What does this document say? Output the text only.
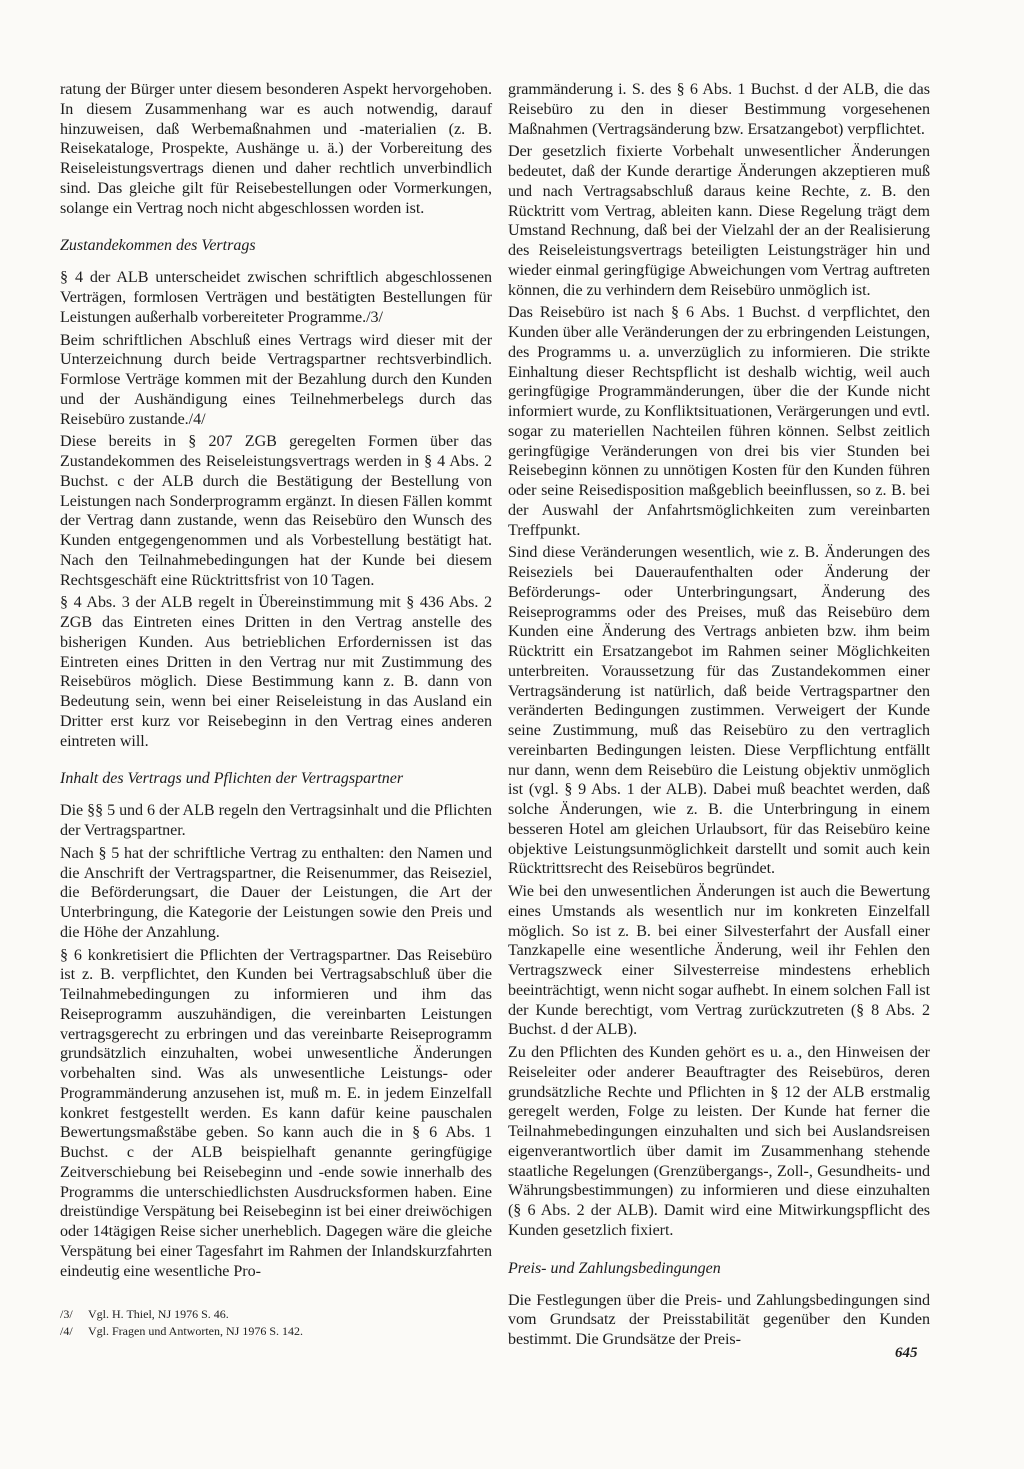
ratung der Bürger unter diesem besonderen Aspekt hervorgehoben. In diesem Zusammenhang war es auch notwendig, darauf hinzuweisen, daß Werbemaßnahmen und -materialien (z. B. Reisekataloge, Prospekte, Aushänge u. ä.) der Vorbereitung des Reiseleistungsvertrags dienen und daher rechtlich unverbindlich sind. Das gleiche gilt für Reisebestellungen oder Vormerkungen, solange ein Vertrag noch nicht abgeschlossen worden ist.

Zustandekommen des Vertrags

§ 4 der ALB unterscheidet zwischen schriftlich abgeschlossenen Verträgen, formlosen Verträgen und bestätigten Bestellungen für Leistungen außerhalb vorbereiteter Programme./3/

Beim schriftlichen Abschluß eines Vertrags wird dieser mit der Unterzeichnung durch beide Vertragspartner rechtsverbindlich. Formlose Verträge kommen mit der Bezahlung durch den Kunden und der Aushändigung eines Teilnehmerbelegs durch das Reisebüro zustande./4/

Diese bereits in § 207 ZGB geregelten Formen über das Zustandekommen des Reiseleistungsvertrags werden in § 4 Abs. 2 Buchst. c der ALB durch die Bestätigung der Bestellung von Leistungen nach Sonderprogramm ergänzt. In diesen Fällen kommt der Vertrag dann zustande, wenn das Reisebüro den Wunsch des Kunden entgegengenommen und als Vorbestellung bestätigt hat. Nach den Teilnahmebedingungen hat der Kunde bei diesem Rechtsgeschäft eine Rücktrittsfrist von 10 Tagen.

§ 4 Abs. 3 der ALB regelt in Übereinstimmung mit § 436 Abs. 2 ZGB das Eintreten eines Dritten in den Vertrag anstelle des bisherigen Kunden. Aus betrieblichen Erfordernissen ist das Eintreten eines Dritten in den Vertrag nur mit Zustimmung des Reisebüros möglich. Diese Bestimmung kann z. B. dann von Bedeutung sein, wenn bei einer Reiseleistung in das Ausland ein Dritter erst kurz vor Reisebeginn in den Vertrag eines anderen eintreten will.

Inhalt des Vertrags und Pflichten der Vertragspartner

Die §§ 5 und 6 der ALB regeln den Vertragsinhalt und die Pflichten der Vertragspartner.

Nach § 5 hat der schriftliche Vertrag zu enthalten: den Namen und die Anschrift der Vertragspartner, die Reisenummer, das Reiseziel, die Beförderungsart, die Dauer der Leistungen, die Art der Unterbringung, die Kategorie der Leistungen sowie den Preis und die Höhe der Anzahlung.

§ 6 konkretisiert die Pflichten der Vertragspartner. Das Reisebüro ist z. B. verpflichtet, den Kunden bei Vertragsabschluß über die Teilnahmebedingungen zu informieren und ihm das Reiseprogramm auszuhändigen, die vereinbarten Leistungen vertragsgerecht zu erbringen und das vereinbarte Reiseprogramm grundsätzlich einzuhalten, wobei unwesentliche Änderungen vorbehalten sind. Was als unwesentliche Leistungs- oder Programmänderung anzusehen ist, muß m. E. in jedem Einzelfall konkret festgestellt werden. Es kann dafür keine pauschalen Bewertungsmaßstäbe geben. So kann auch die in § 6 Abs. 1 Buchst. c der ALB beispielhaft genannte geringfügige Zeitverschiebung bei Reisebeginn und -ende sowie innerhalb des Programms die unterschiedlichsten Ausdrucksformen haben. Eine dreistündige Verspätung bei Reisebeginn ist bei einer dreiwöchigen oder 14tägigen Reise sicher unerheblich. Dagegen wäre die gleiche Verspätung bei einer Tagesfahrt im Rahmen der Inlandskurzfahrten eindeutig eine wesentliche Pro-

/3/	Vgl. H. Thiel, NJ 1976 S. 46.
/4/	Vgl. Fragen und Antworten, NJ 1976 S. 142.

grammänderung i. S. des § 6 Abs. 1 Buchst. d der ALB, die das Reisebüro zu den in dieser Bestimmung vorgesehenen Maßnahmen (Vertragsänderung bzw. Ersatzangebot) verpflichtet.

Der gesetzlich fixierte Vorbehalt unwesentlicher Änderungen bedeutet, daß der Kunde derartige Änderungen akzeptieren muß und nach Vertragsabschluß daraus keine Rechte, z. B. den Rücktritt vom Vertrag, ableiten kann. Diese Regelung trägt dem Umstand Rechnung, daß bei der Vielzahl der an der Realisierung des Reiseleistungsvertrags beteiligten Leistungsträger hin und wieder einmal geringfügige Abweichungen vom Vertrag auftreten können, die zu verhindern dem Reisebüro unmöglich ist.

Das Reisebüro ist nach § 6 Abs. 1 Buchst. d verpflichtet, den Kunden über alle Veränderungen der zu erbringenden Leistungen, des Programms u. a. unverzüglich zu informieren. Die strikte Einhaltung dieser Rechtspflicht ist deshalb wichtig, weil auch geringfügige Programmänderungen, über die der Kunde nicht informiert wurde, zu Konfliktsituationen, Verärgerungen und evtl. sogar zu materiellen Nachteilen führen können. Selbst zeitlich geringfügige Veränderungen von drei bis vier Stunden bei Reisebeginn können zu unnötigen Kosten für den Kunden führen oder seine Reisedisposition maßgeblich beeinflussen, so z. B. bei der Auswahl der Anfahrtsmöglichkeiten zum vereinbarten Treffpunkt.

Sind diese Veränderungen wesentlich, wie z. B. Änderungen des Reiseziels bei Daueraufenthalten oder Änderung der Beförderungs- oder Unterbringungsart, Änderung des Reiseprogramms oder des Preises, muß das Reisebüro dem Kunden eine Änderung des Vertrags anbieten bzw. ihm beim Rücktritt ein Ersatzangebot im Rahmen seiner Möglichkeiten unterbreiten. Voraussetzung für das Zustandekommen einer Vertragsänderung ist natürlich, daß beide Vertragspartner den veränderten Bedingungen zustimmen. Verweigert der Kunde seine Zustimmung, muß das Reisebüro zu den vertraglich vereinbarten Bedingungen leisten. Diese Verpflichtung entfällt nur dann, wenn dem Reisebüro die Leistung objektiv unmöglich ist (vgl. § 9 Abs. 1 der ALB). Dabei muß beachtet werden, daß solche Änderungen, wie z. B. die Unterbringung in einem besseren Hotel am gleichen Urlaubsort, für das Reisebüro keine objektive Leistungsunmöglichkeit darstellt und somit auch kein Rücktrittsrecht des Reisebüros begründet.

Wie bei den unwesentlichen Änderungen ist auch die Bewertung eines Umstands als wesentlich nur im konkreten Einzelfall möglich. So ist z. B. bei einer Silvesterfahrt der Ausfall einer Tanzkapelle eine wesentliche Änderung, weil ihr Fehlen den Vertragszweck einer Silvesterreise mindestens erheblich beeinträchtigt, wenn nicht sogar aufhebt. In einem solchen Fall ist der Kunde berechtigt, vom Vertrag zurückzutreten (§ 8 Abs. 2 Buchst. d der ALB).

Zu den Pflichten des Kunden gehört es u. a., den Hinweisen der Reiseleiter oder anderer Beauftragter des Reisebüros, deren grundsätzliche Rechte und Pflichten in § 12 der ALB erstmalig geregelt werden, Folge zu leisten. Der Kunde hat ferner die Teilnahmebedingungen einzuhalten und sich bei Auslandsreisen eigenverantwortlich über damit im Zusammenhang stehende staatliche Regelungen (Grenzübergangs-, Zoll-, Gesundheits- und Währungsbestimmungen) zu informieren und diese einzuhalten (§ 6 Abs. 2 der ALB). Damit wird eine Mitwirkungspflicht des Kunden gesetzlich fixiert.

Preis- und Zahlungsbedingungen

Die Festlegungen über die Preis- und Zahlungsbedingungen sind vom Grundsatz der Preisstabilität gegenüber den Kunden bestimmt. Die Grundsätze der Preis-

645
